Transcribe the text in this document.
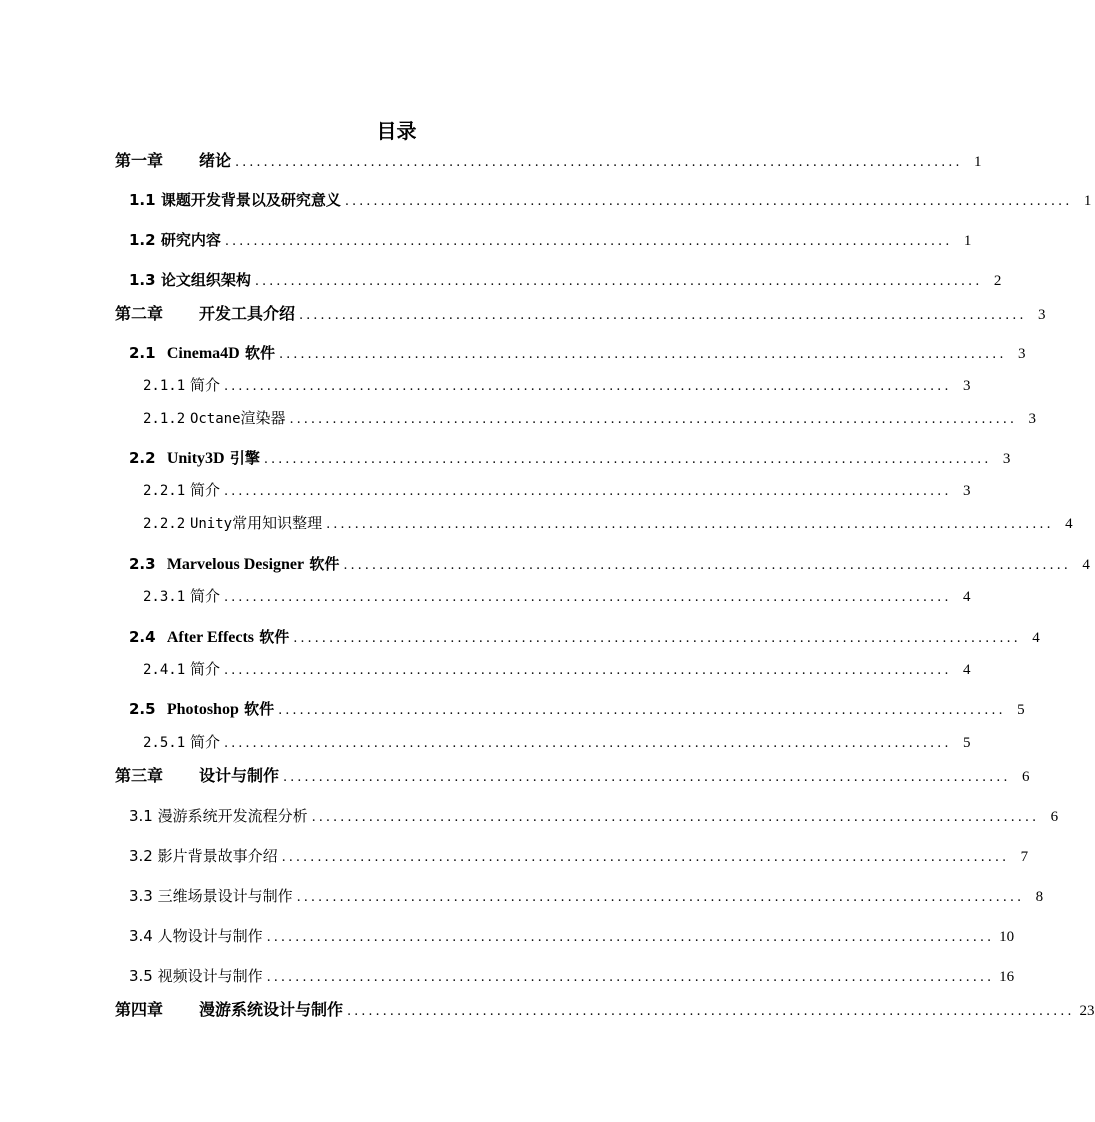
目录
第一章 绪论 ...................................................................................................... 1
1.1 课题开发背景以及研究意义 ...................................................................................................... 1
1.2 研究内容 ...................................................................................................... 1
1.3 论文组织架构 ...................................................................................................... 2
第二章 开发工具介绍 ...................................................................................................... 3
2.1 Cinema4D 软件 ...................................................................................................... 3
2.1.1 简介 ...................................................................................................... 3
2.1.2 Octane渲染器 ...................................................................................................... 3
2.2 Unity3D 引擎 ...................................................................................................... 3
2.2.1 简介 ...................................................................................................... 3
2.2.2 Unity常用知识整理 ...................................................................................................... 4
2.3 Marvelous Designer 软件 ...................................................................................................... 4
2.3.1 简介 ...................................................................................................... 4
2.4 After Effects 软件 ...................................................................................................... 4
2.4.1 简介 ...................................................................................................... 4
2.5 Photoshop 软件 ...................................................................................................... 5
2.5.1 简介 ...................................................................................................... 5
第三章 设计与制作 ...................................................................................................... 6
3.1 漫游系统开发流程分析 ...................................................................................................... 6
3.2 影片背景故事介绍 ...................................................................................................... 7
3.3 三维场景设计与制作 ...................................................................................................... 8
3.4 人物设计与制作 ...................................................................................................... 10
3.5 视频设计与制作 ...................................................................................................... 16
第四章 漫游系统设计与制作 ...................................................................................................... 23
